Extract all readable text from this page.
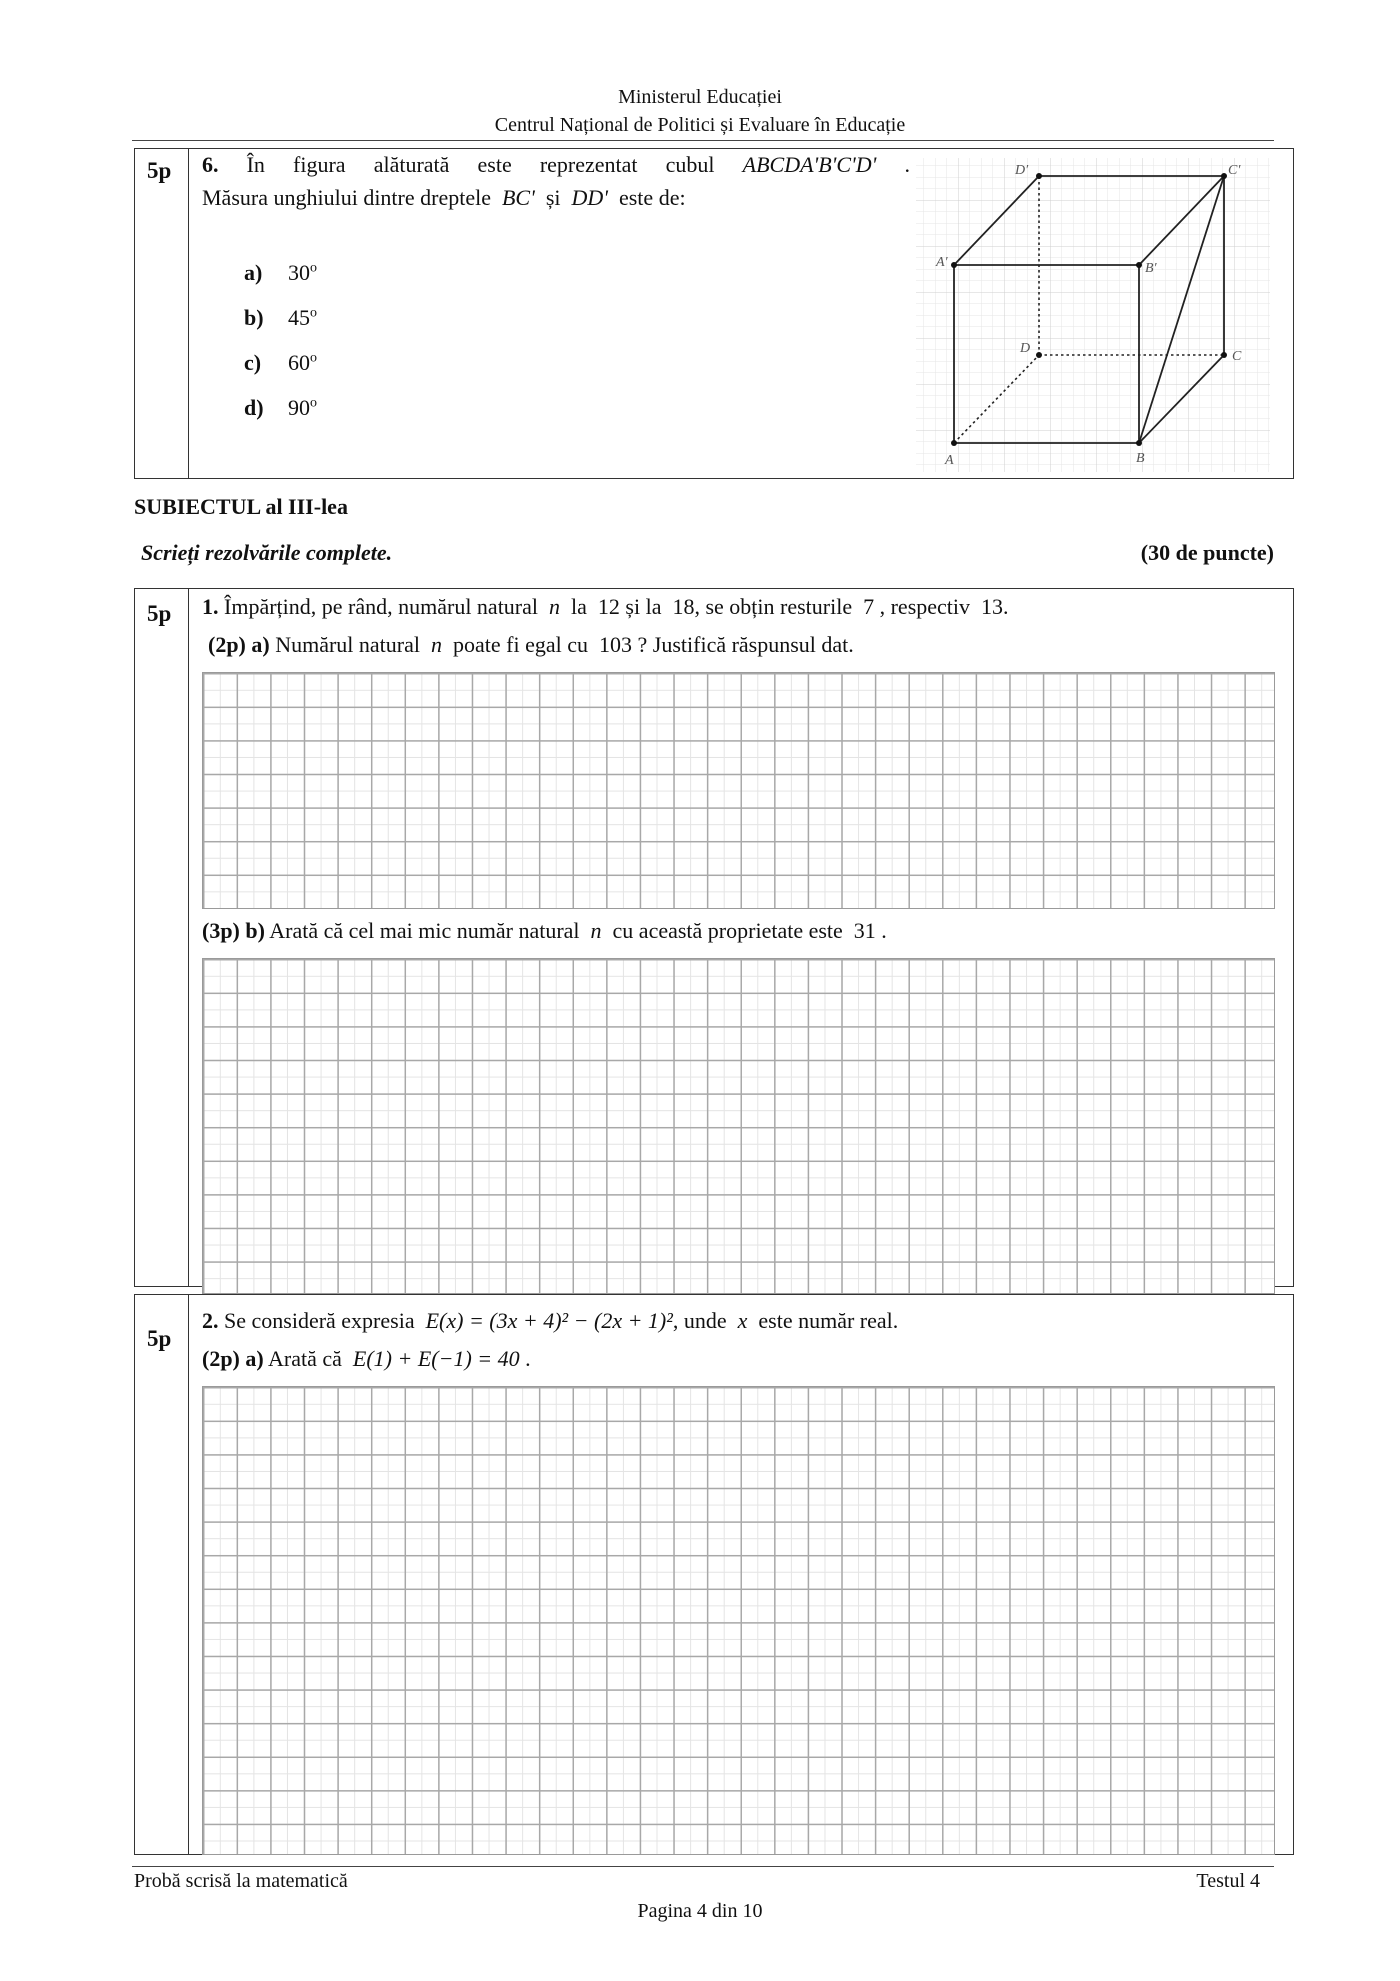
Ministerul Educației
Centrul Național de Politici și Evaluare în Educație
5p 6. În figura alăturată este reprezentat cubul ABCDA'B'C'D' .
Măsura unghiului dintre dreptele BC' și DD' este de:
a) 30$^o$
b) 45$^o$
c) 60$^o$
d) 90$^o$
A	B
C
D
A′	B′
C′
D′
SUBIECTUL al III-lea
Scrieți rezolvările complete.	(30 de puncte)
5p 1. Împărțind, pe rând, numărul natural n la 12 și la 18, se obțin resturile 7 , respectiv 13.
(2p) a) Numărul natural n poate fi egal cu 103 ? Justifică răspunsul dat.
(3p) b) Arată că cel mai mic număr natural n cu această proprietate este 31 .
5p
2. Se consideră expresia E(x) = (3x + 4)² − (2x + 1)², unde x este număr real.
(2p) a) Arată că E(1) + E(−1) = 40 .
Probă scrisă la matematică	Testul 4
Pagina 4 din 10
